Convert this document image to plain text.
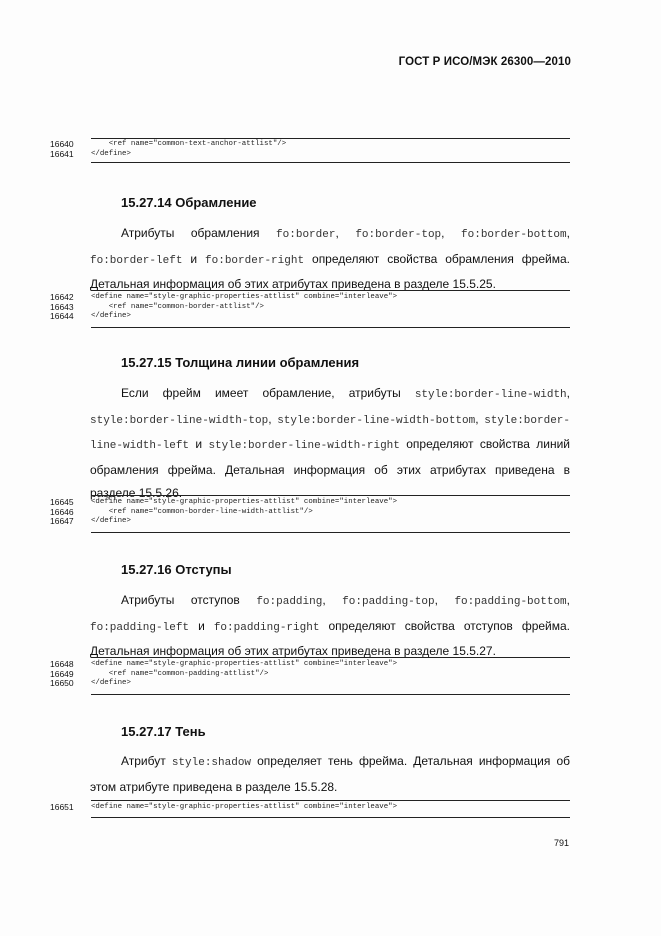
ГОСТ Р ИСО/МЭК 26300—2010
16640	<ref name="common-text-anchor-attlist"/>
16641	</define>
15.27.14 Обрамление
Атрибуты обрамления fo:border, fo:border-top, fo:border-bottom, fo:border-left и fo:border-right определяют свойства обрамления фрейма. Детальная информация об этих атрибутах приведена в разделе 15.5.25.
16642	<define name="style-graphic-properties-attlist" combine="interleave">
16643	<ref name="common-border-attlist"/>
16644	</define>
15.27.15 Толщина линии обрамления
Если фрейм имеет обрамление, атрибуты style:border-line-width, style:border-line-width-top, style:border-line-width-bottom, style:border-line-width-left и style:border-line-width-right определяют свойства линий обрамления фрейма. Детальная информация об этих атрибутах приведена в разделе 15.5.26.
16645	<define name="style-graphic-properties-attlist" combine="interleave">
16646	<ref name="common-border-line-width-attlist"/>
16647	</define>
15.27.16 Отступы
Атрибуты отступов fo:padding, fo:padding-top, fo:padding-bottom, fo:padding-left и fo:padding-right определяют свойства отступов фрейма. Детальная информация об этих атрибутах приведена в разделе 15.5.27.
16648	<define name="style-graphic-properties-attlist" combine="interleave">
16649	<ref name="common-padding-attlist"/>
16650	</define>
15.27.17 Тень
Атрибут style:shadow определяет тень фрейма. Детальная информация об этом атрибуте приведена в разделе 15.5.28.
16651	<define name="style-graphic-properties-attlist" combine="interleave">
791
